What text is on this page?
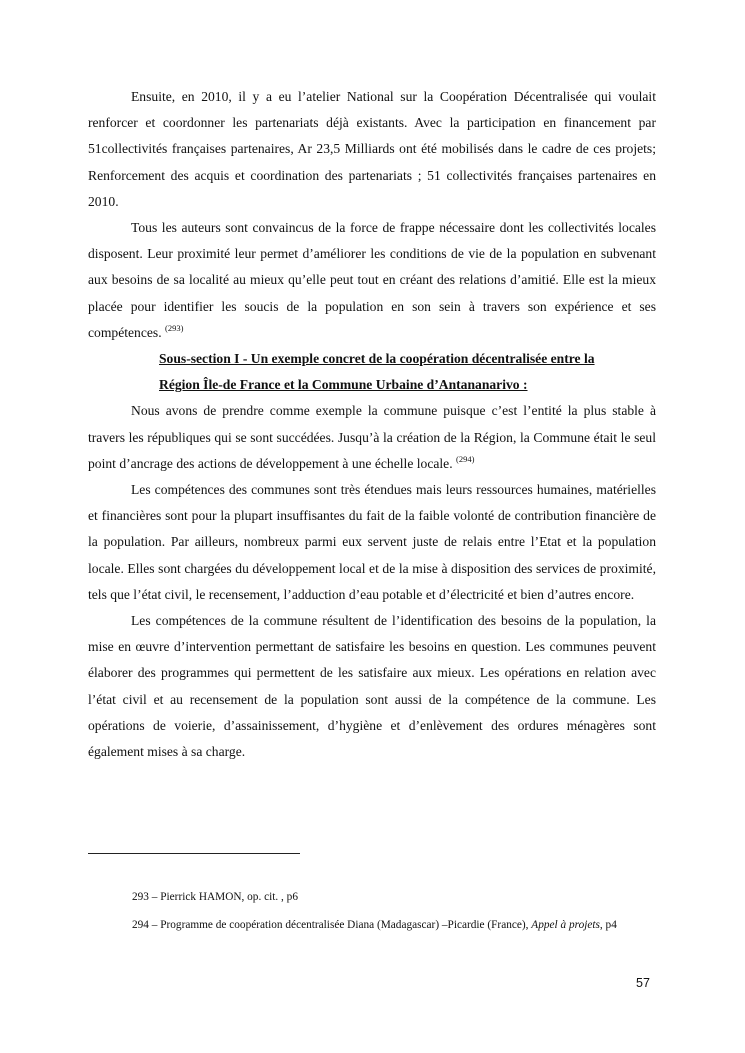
Ensuite, en 2010, il y a eu l’atelier National sur la Coopération Décentralisée qui voulait renforcer et coordonner les partenariats déjà existants. Avec la participation en financement par 51collectivités françaises partenaires, Ar 23,5 Milliards ont été mobilisés dans le cadre de ces projets; Renforcement des acquis et coordination des partenariats ; 51 collectivités françaises partenaires en 2010.

Tous les auteurs sont convaincus de la force de frappe nécessaire dont les collectivités locales disposent. Leur proximité leur permet d’améliorer les conditions de vie de la population en subvenant aux besoins de sa localité au mieux qu’elle peut tout en créant des relations d’amitié. Elle est la mieux placée pour identifier les soucis de la population en son sein à travers son expérience et ses compétences. $^{(293)}$

Sous-section I - Un exemple concret de la coopération décentralisée entre la
Région Île-de France et la Commune Urbaine d’Antananarivo :

Nous avons de prendre comme exemple la commune puisque c’est l’entité la plus stable à travers les républiques qui se sont succédées. Jusqu’à la création de la Région, la Commune était le seul point d’ancrage des actions de développement à une échelle locale. $^{(294)}$

Les compétences des communes sont très étendues mais leurs ressources humaines, matérielles et financières sont pour la plupart insuffisantes du fait de la faible volonté de contribution financière de la population. Par ailleurs, nombreux parmi eux servent juste de relais entre l’Etat et la population locale. Elles sont chargées du développement local et de la mise à disposition des services de proximité, tels que l’état civil, le recensement, l’adduction d’eau potable et d’électricité et bien d’autres encore.

Les compétences de la commune résultent de l’identification des besoins de la population, la mise en œuvre d’intervention permettant de satisfaire les besoins en question. Les communes peuvent élaborer des programmes qui permettent de les satisfaire aux mieux. Les opérations en relation avec l’état civil et au recensement de la population sont aussi de la compétence de la commune. Les opérations de voierie, d’assainissement, d’hygiène et d’enlèvement des ordures ménagères sont également mises à sa charge.

293 – Pierrick HAMON, op. cit. , p6

294 – Programme de coopération décentralisée Diana (Madagascar) –Picardie (France), Appel à projets, p4

57
